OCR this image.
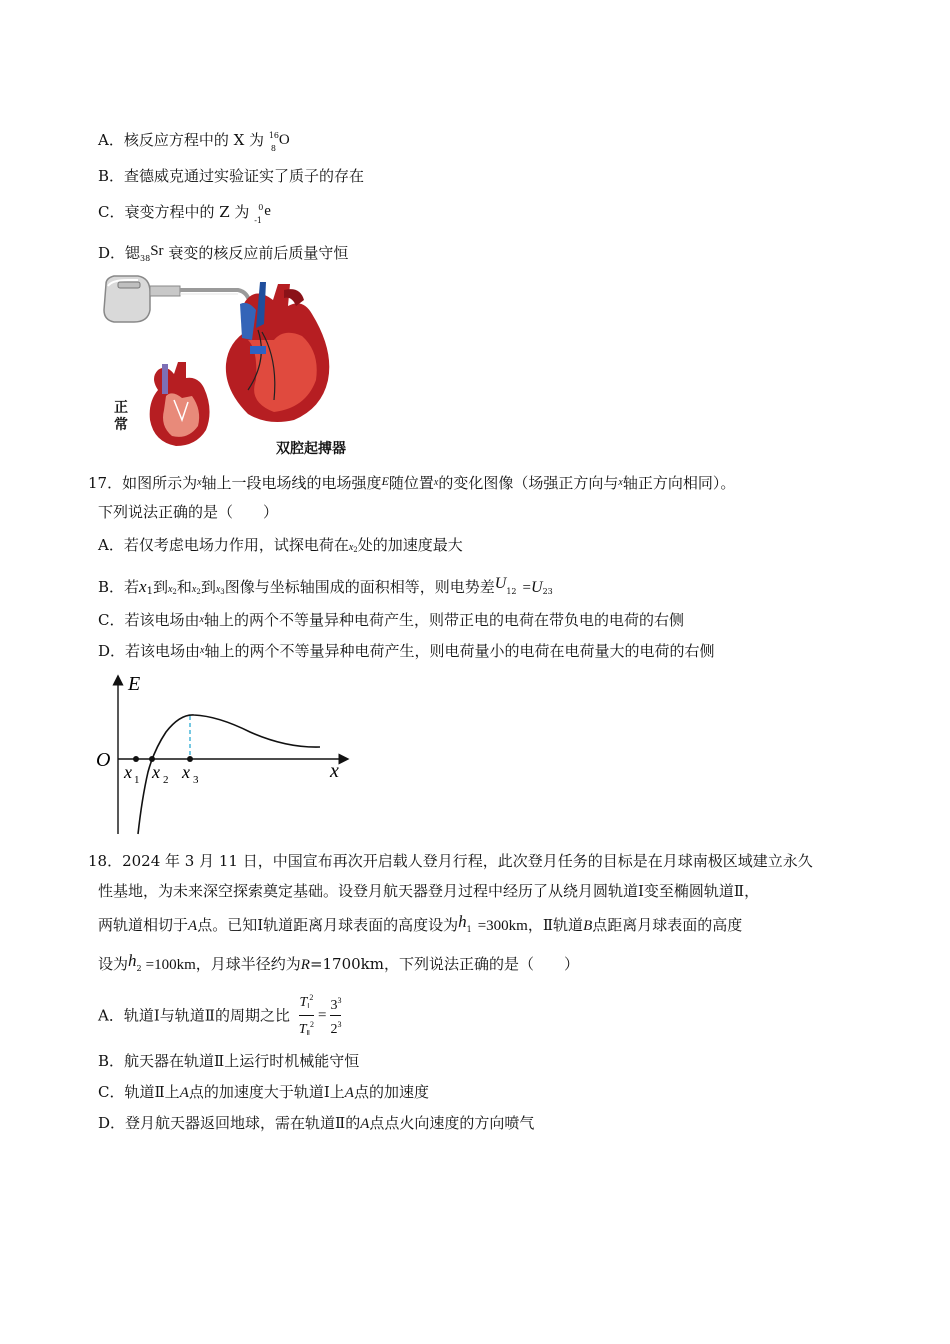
A．核反应方程中的 X 为 16
8
O
B．查德威克通过实验证实了质子的存在
C．衰变方程中的 Z 为 0
-1
e
D．锶$_{38}$Sr 衰变的核反应前后质量守恒
正常
双腔起搏器
17．如图所示为$^x$轴上一段电场线的电场强度$^E$随位置$^x$的变化图像（场强正方向与$^x$轴正方向相同）。
下列说法正确的是（　　）
A．若仅考虑电场力作用，试探电荷在x2处的加速度最大
B．若x1到x2和x2到x3图像与坐标轴围成的面积相等，则电势差U12 =U23
C．若该电场由$^x$轴上的两个不等量异种电荷产生，则带正电的电荷在带负电的电荷的右侧
D．若该电场由$^x$轴上的两个不等量异种电荷产生，则电荷量小的电荷在电荷量大的电荷的右侧
E
x
O
x 1 x 2 x 3
18．2024 年 3 月 11 日，中国宣布再次开启载人登月行程，此次登月任务的目标是在月球南极区域建立永久
性基地，为未来深空探索奠定基础。设登月航天器登月过程中经历了从绕月圆轨道Ⅰ变至椭圆轨道Ⅱ，
两轨道相切于A点。已知Ⅰ轨道距离月球表面的高度设为h1 =300km，Ⅱ轨道B点距离月球表面的高度
设为h2 =100km，月球半径约为R=1700km，下列说法正确的是（　　）
A．轨道Ⅰ与轨道Ⅱ的周期之比 $\frac{TⅠ^2}{TⅡ^2} = \frac{3^3}{2^3}$
B．航天器在轨道Ⅱ上运行时机械能守恒
C．轨道Ⅱ上A点的加速度大于轨道Ⅰ上A点的加速度
D．登月航天器返回地球，需在轨道Ⅱ的A点点火向速度的方向喷气
